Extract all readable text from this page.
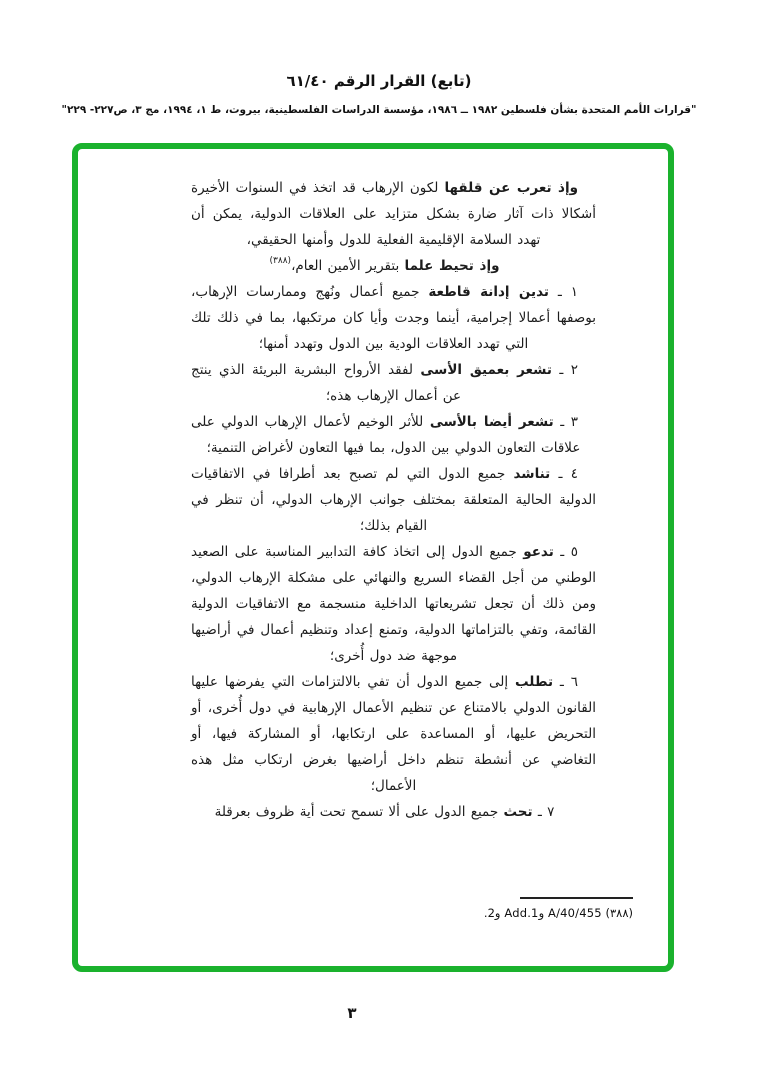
(تابع) القرار الرقم ٦١/٤٠
"قرارات الأمم المتحدة بشأن فلسطين ١٩٨٢ ــ ١٩٨٦، مؤسسة الدراسات الفلسطينية، بيروت، ط ١، ١٩٩٤، مج ٣، ص٢٢٧- ٢٢٩"

وإذ تعرب عن قلقها لكون الإرهاب قد اتخذ في السنوات الأخيرة أشكالا ذات آثار ضارة بشكل متزايد على العلاقات الدولية، يمكن أن تهدد السلامة الإقليمية الفعلية للدول وأمنها الحقيقي،

وإذ تحيط علما بتقرير الأمين العام،$^{(٣٨٨)}$

١ ـ تدين إدانة قاطعة جميع أعمال ونُهج وممارسات الإرهاب، بوصفها أعمالا إجرامية، أينما وجدت وأيا كان مرتكبها، بما في ذلك تلك التي تهدد العلاقات الودية بين الدول وتهدد أمنها؛

٢ ـ تشعر بعميق الأسى لفقد الأرواح البشرية البريئة الذي ينتج عن أعمال الإرهاب هذه؛

٣ ـ تشعر أيضا بالأسى للأثر الوخيم لأعمال الإرهاب الدولي على علاقات التعاون الدولي بين الدول، بما فيها التعاون لأغراض التنمية؛

٤ ـ تناشد جميع الدول التي لم تصبح بعد أطرافا في الاتفاقيات الدولية الحالية المتعلقة بمختلف جوانب الإرهاب الدولي، أن تنظر في القيام بذلك؛

٥ ـ تدعو جميع الدول إلى اتخاذ كافة التدابير المناسبة على الصعيد الوطني من أجل القضاء السريع والنهائي على مشكلة الإرهاب الدولي، ومن ذلك أن تجعل تشريعاتها الداخلية منسجمة مع الاتفاقيات الدولية القائمة، وتفي بالتزاماتها الدولية، وتمنع إعداد وتنظيم أعمال في أراضيها موجهة ضد دول أُخرى؛

٦ ـ تطلب إلى جميع الدول أن تفي بالالتزامات التي يفرضها عليها القانون الدولي بالامتناع عن تنظيم الأعمال الإرهابية في دول أُخرى، أو التحريض عليها، أو المساعدة على ارتكابها، أو المشاركة فيها، أو التغاضي عن أنشطة تنظم داخل أراضيها بغرض ارتكاب مثل هذه الأعمال؛

٧ ـ تحث جميع الدول على ألا تسمح تحت أية ظروف بعرقلة

(٣٨٨) A/40/455 وAdd.1 و2.
٣
